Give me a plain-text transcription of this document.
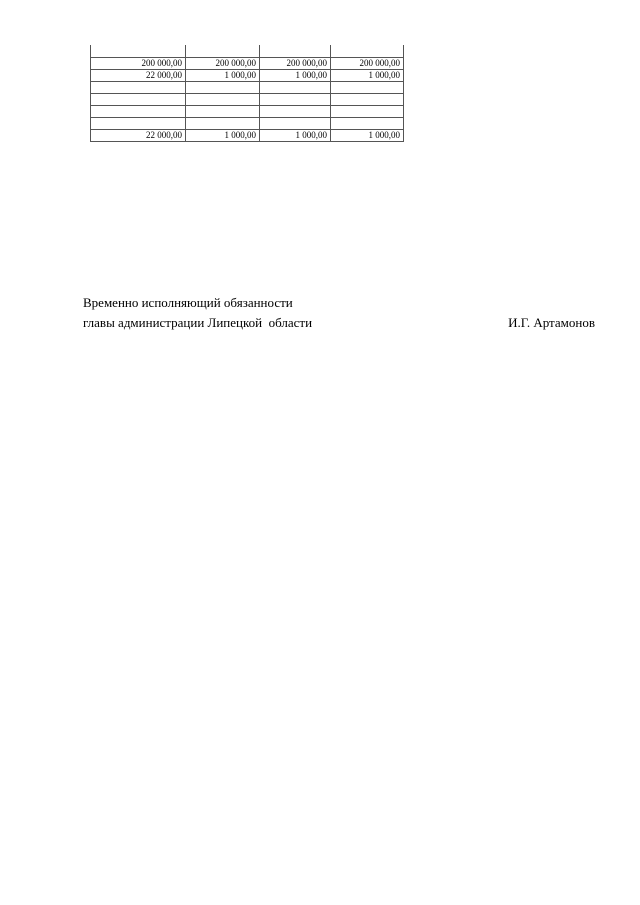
200 000,00	200 000,00	200 000,00	200 000,00
22 000,00	1 000,00	1 000,00	1 000,00

22 000,00	1 000,00	1 000,00	1 000,00
Временно исполняющий обязанности
главы администрации Липецкой  области	И.Г. Артамонов
